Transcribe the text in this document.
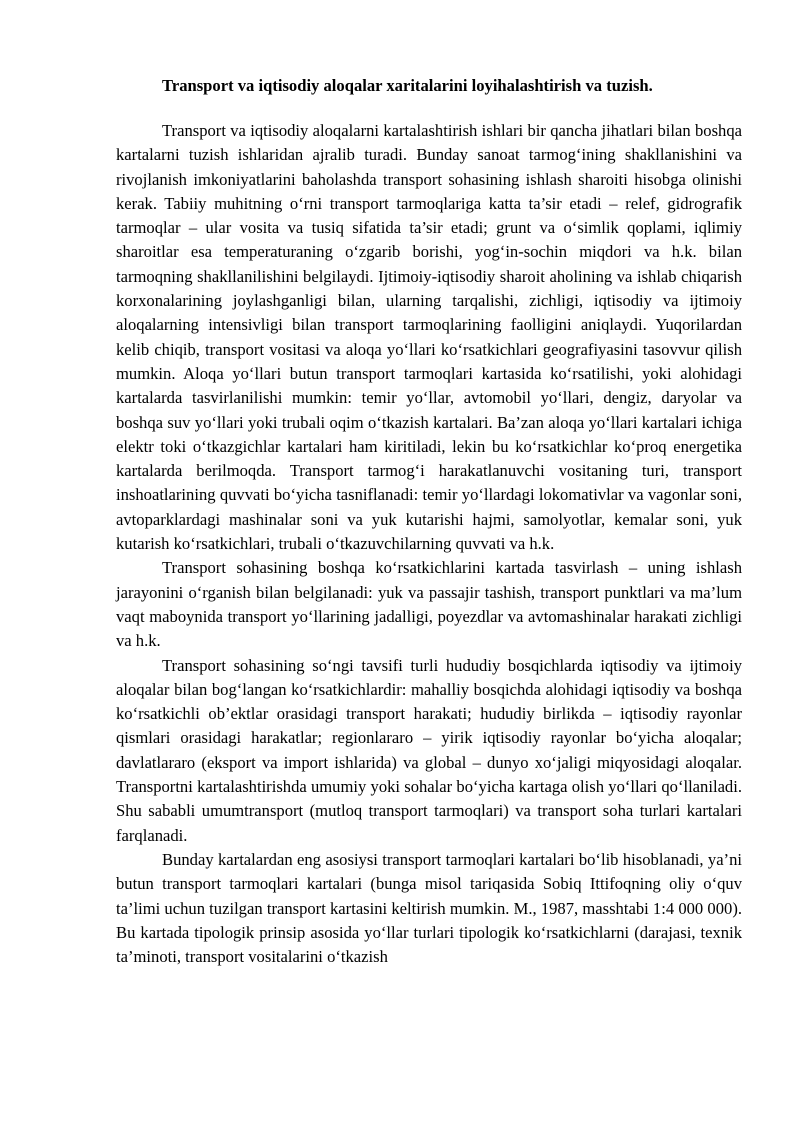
Transport va iqtisodiy aloqalar xaritalarini loyihalashtirish va tuzish.

Transport va iqtisodiy aloqalarni kartalashtirish ishlari bir qancha jihatlari bilan boshqa kartalarni tuzish ishlaridan ajralib turadi. Bunday sanoat tarmog‘ining shakllanishini va rivojlanish imkoniyatlarini baholashda transport sohasining ishlash sharoiti hisobga olinishi kerak. Tabiiy muhitning o‘rni transport tarmoqlariga katta ta’sir etadi – relef, gidrografik tarmoqlar – ular vosita va tusiq sifatida ta’sir etadi; grunt va o‘simlik qoplami, iqlimiy sharoitlar esa temperaturaning o‘zgarib borishi, yog‘in-sochin miqdori va h.k. bilan tarmoqning shakllanilishini belgilaydi. Ijtimoiy-iqtisodiy sharoit aholining va ishlab chiqarish korxonalarining joylashganligi bilan, ularning tarqalishi, zichligi, iqtisodiy va ijtimoiy aloqalarning intensivligi bilan transport tarmoqlarining faolligini aniqlaydi. Yuqorilardan kelib chiqib, transport vositasi va aloqa yo‘llari ko‘rsatkichlari geografiyasini tasovvur qilish mumkin. Aloqa yo‘llari butun transport tarmoqlari kartasida ko‘rsatilishi, yoki alohidagi kartalarda tasvirlanilishi mumkin: temir yo‘llar, avtomobil yo‘llari, dengiz, daryolar va boshqa suv yo‘llari yoki trubali oqim o‘tkazish kartalari. Ba’zan aloqa yo‘llari kartalari ichiga elektr toki o‘tkazgichlar kartalari ham kiritiladi, lekin bu ko‘rsatkichlar ko‘proq energetika kartalarda berilmoqda. Transport tarmog‘i harakatlanuvchi vositaning turi, transport inshoatlarining quvvati bo‘yicha tasniflanadi: temir yo‘llardagi lokomativlar va vagonlar soni, avtoparklardagi mashinalar soni va yuk kutarishi hajmi, samolyotlar, kemalar soni, yuk kutarish ko‘rsatkichlari, trubali o‘tkazuvchilarning quvvati va h.k.

Transport sohasining boshqa ko‘rsatkichlarini kartada tasvirlash – uning ishlash jarayonini o‘rganish bilan belgilanadi: yuk va passajir tashish, transport punktlari va ma’lum vaqt maboynida transport yo‘llarining jadalligi, poyezdlar va avtomashinalar harakati zichligi va h.k.

Transport sohasining so‘ngi tavsifi turli hududiy bosqichlarda iqtisodiy va ijtimoiy aloqalar bilan bog‘langan ko‘rsatkichlardir: mahalliy bosqichda alohidagi iqtisodiy va boshqa ko‘rsatkichli ob’ektlar orasidagi transport harakati; hududiy birlikda – iqtisodiy rayonlar qismlari orasidagi harakatlar; regionlararo – yirik iqtisodiy rayonlar bo‘yicha aloqalar; davlatlararo (eksport va import ishlarida) va global – dunyo xo‘jaligi miqyosidagi aloqalar. Transportni kartalashtirishda umumiy yoki sohalar bo‘yicha kartaga olish yo‘llari qo‘llaniladi. Shu sababli umumtransport (mutloq transport tarmoqlari) va transport soha turlari kartalari farqlanadi.

Bunday kartalardan eng asosiysi transport tarmoqlari kartalari bo‘lib hisoblanadi, ya’ni butun transport tarmoqlari kartalari (bunga misol tariqasida Sobiq Ittifoqning oliy o‘quv ta’limi uchun tuzilgan transport kartasini keltirish mumkin. M., 1987, masshtabi 1:4 000 000). Bu kartada tipologik prinsip asosida yo‘llar turlari tipologik ko‘rsatkichlarni (darajasi, texnik ta’minoti, transport vositalarini o‘tkazish
